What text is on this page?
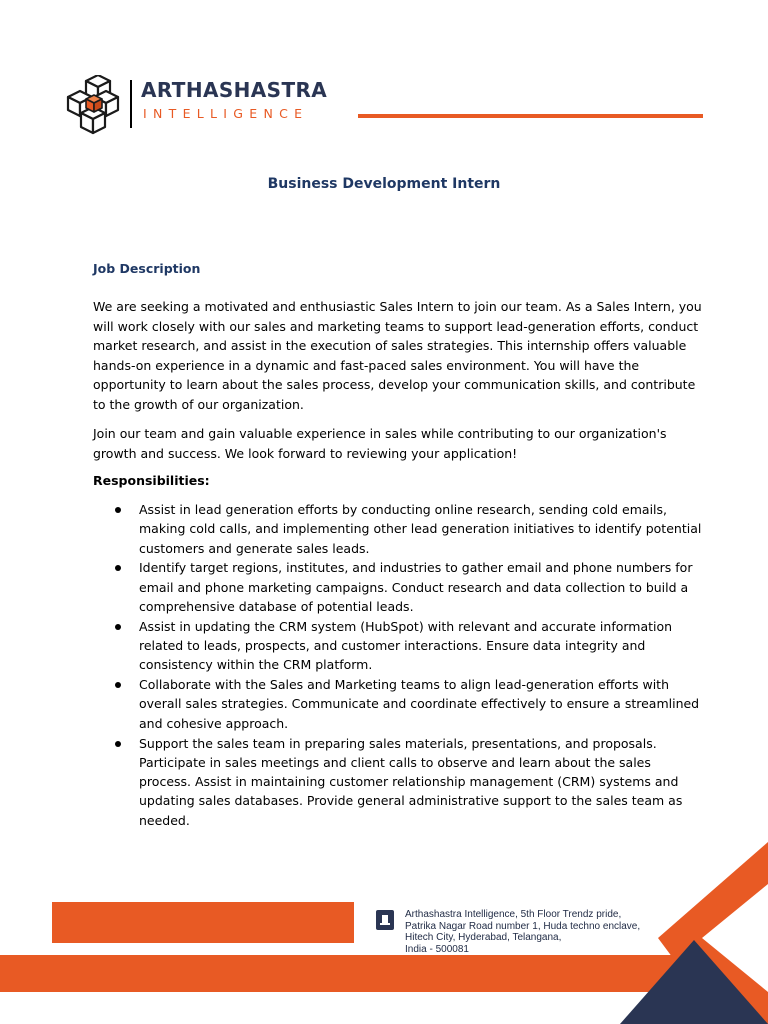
ARTHASHASTRA
INTELLIGENCE
Business Development Intern
Job Description

We are seeking a motivated and enthusiastic Sales Intern to join our team. As a Sales Intern, you will work closely with our sales and marketing teams to support lead-generation efforts, conduct market research, and assist in the execution of sales strategies. This internship offers valuable hands-on experience in a dynamic and fast-paced sales environment. You will have the opportunity to learn about the sales process, develop your communication skills, and contribute to the growth of our organization.

Join our team and gain valuable experience in sales while contributing to our organization's growth and success. We look forward to reviewing your application!

Responsibilities:
Assist in lead generation efforts by conducting online research, sending cold emails, making cold calls, and implementing other lead generation initiatives to identify potential customers and generate sales leads.
Identify target regions, institutes, and industries to gather email and phone numbers for email and phone marketing campaigns. Conduct research and data collection to build a comprehensive database of potential leads.
Assist in updating the CRM system (HubSpot) with relevant and accurate information related to leads, prospects, and customer interactions. Ensure data integrity and consistency within the CRM platform.
Collaborate with the Sales and Marketing teams to align lead-generation efforts with overall sales strategies. Communicate and coordinate effectively to ensure a streamlined and cohesive approach.
Support the sales team in preparing sales materials, presentations, and proposals. Participate in sales meetings and client calls to observe and learn about the sales process. Assist in maintaining customer relationship management (CRM) systems and updating sales databases. Provide general administrative support to the sales team as needed.

Arthashastra Intelligence, 5th Floor Trendz pride,
Patrika Nagar Road number 1, Huda techno enclave,
Hitech City, Hyderabad, Telangana,
India - 500081
